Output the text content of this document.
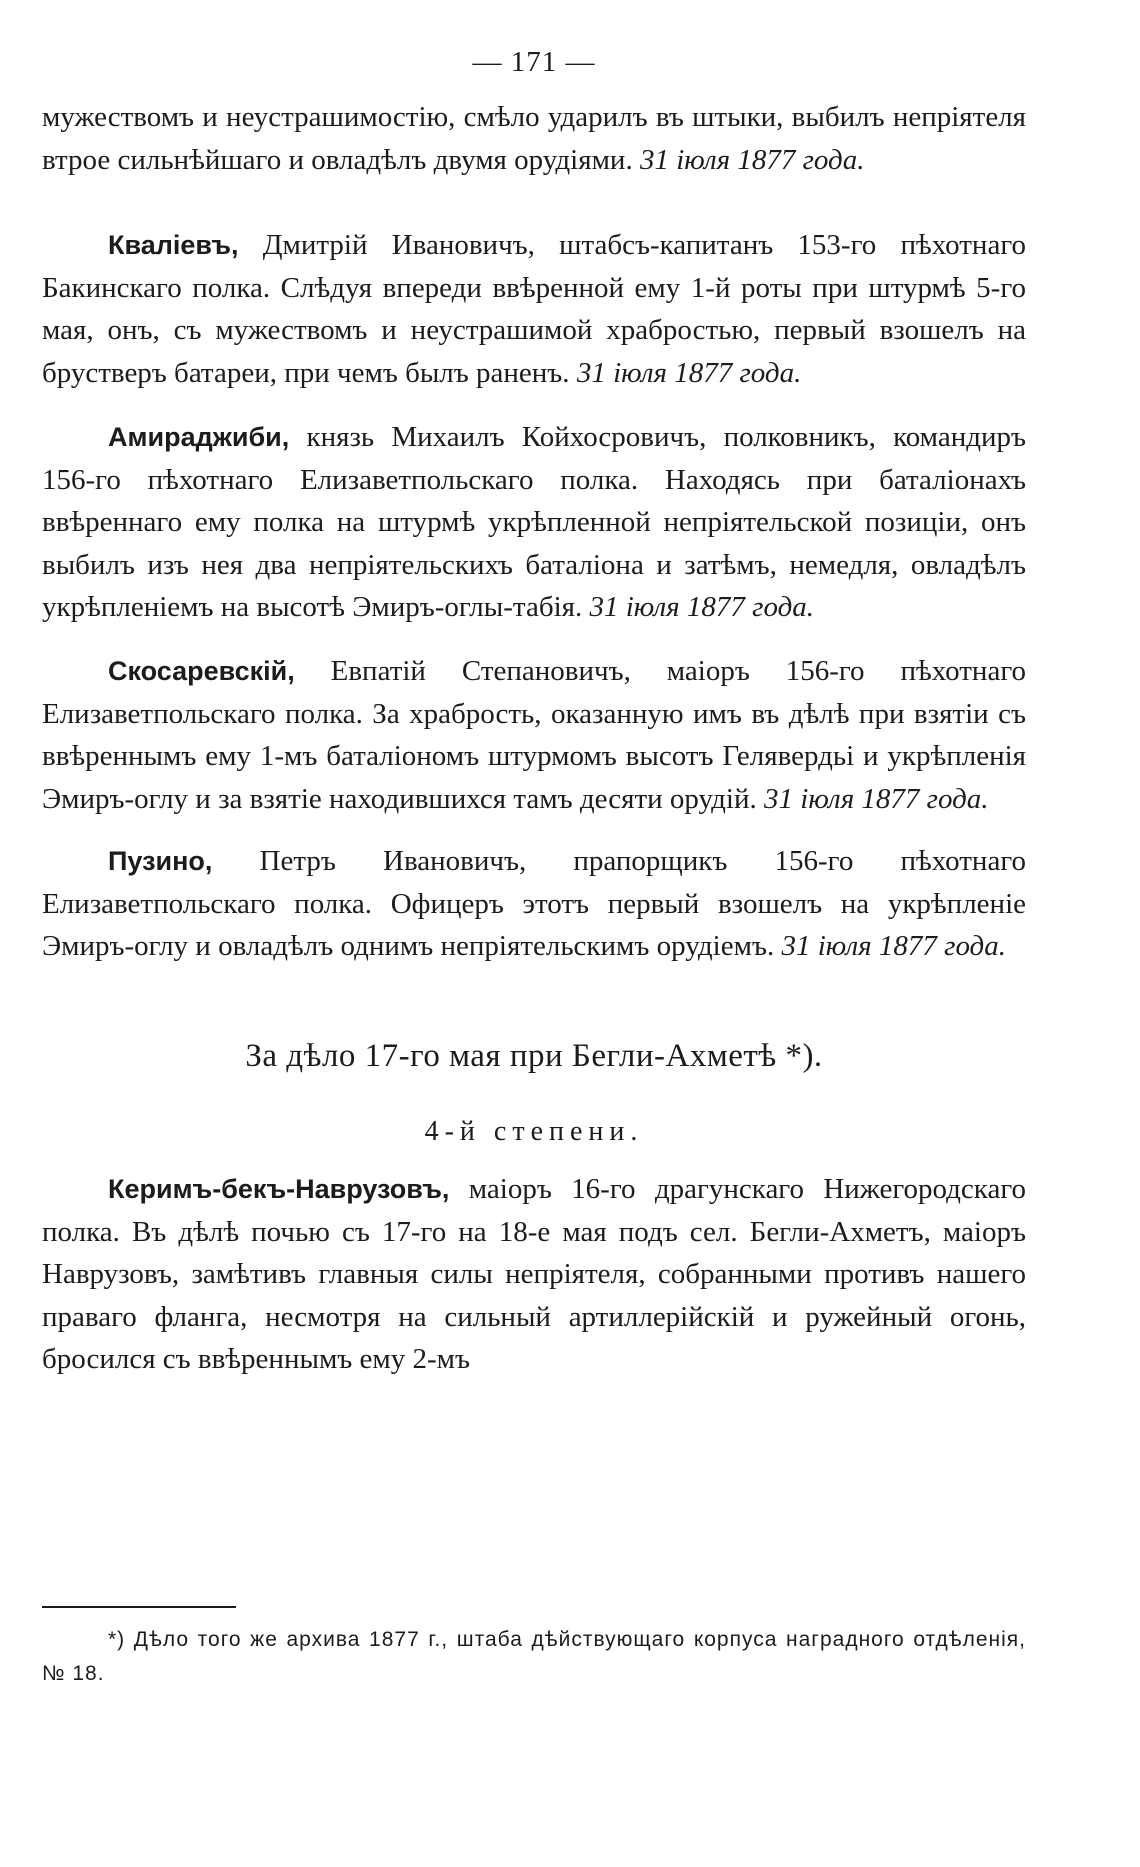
— 171 —

мужествомъ и неустрашимостію, смѣло ударилъ въ штыки, выбилъ непріятеля втрое сильнѣйшаго и овладѣлъ двумя орудіями. 31 іюля 1877 года.

Кваліевъ, Дмитрій Ивановичъ, штабсъ-капитанъ 153-го пѣхотнаго Бакинскаго полка. Слѣдуя впереди ввѣренной ему 1-й роты при штурмѣ 5-го мая, онъ, съ мужествомъ и неустрашимой храбростью, первый взошелъ на брустверъ батареи, при чемъ былъ раненъ. 31 іюля 1877 года.

Амираджиби, князь Михаилъ Койхосровичъ, полковникъ, командиръ 156-го пѣхотнаго Елизаветпольскаго полка. Находясь при баталіонахъ ввѣреннаго ему полка на штурмѣ укрѣпленной непріятельской позиціи, онъ выбилъ изъ нея два непріятельскихъ баталіона и затѣмъ, немедля, овладѣлъ укрѣпленіемъ на высотѣ Эмиръ-оглы-табія. 31 іюля 1877 года.

Скосаревскій, Евпатій Степановичъ, маіоръ 156-го пѣхотнаго Елизаветпольскаго полка. За храбрость, оказанную имъ въ дѣлѣ при взятіи съ ввѣреннымъ ему 1-мъ баталіономъ штурмомъ высотъ Гелявердьі и укрѣпленія Эмиръ-оглу и за взятіе находившихся тамъ десяти орудій. 31 іюля 1877 года.

Пузино, Петръ Ивановичъ, прапорщикъ 156-го пѣхотнаго Елизаветпольскаго полка. Офицеръ этотъ первый взошелъ на укрѣпленіе Эмиръ-оглу и овладѣлъ однимъ непріятельскимъ орудіемъ. 31 іюля 1877 года.

За дѣло 17-го мая при Бегли-Ахметѣ *).

4-й степени.

Керимъ-бекъ-Наврузовъ, маіоръ 16-го драгунскаго Нижегородскаго полка. Въ дѣлѣ почью съ 17-го на 18-е мая подъ сел. Бегли-Ахметъ, маіоръ Наврузовъ, замѣтивъ главныя силы непріятеля, собранными противъ нашего праваго фланга, несмотря на сильный артиллерійскій и ружейный огонь, бросился съ ввѣреннымъ ему 2-мъ

*) Дѣло того же архива 1877 г., штаба дѣйствующаго корпуса наградного отдѣленія, № 18.
